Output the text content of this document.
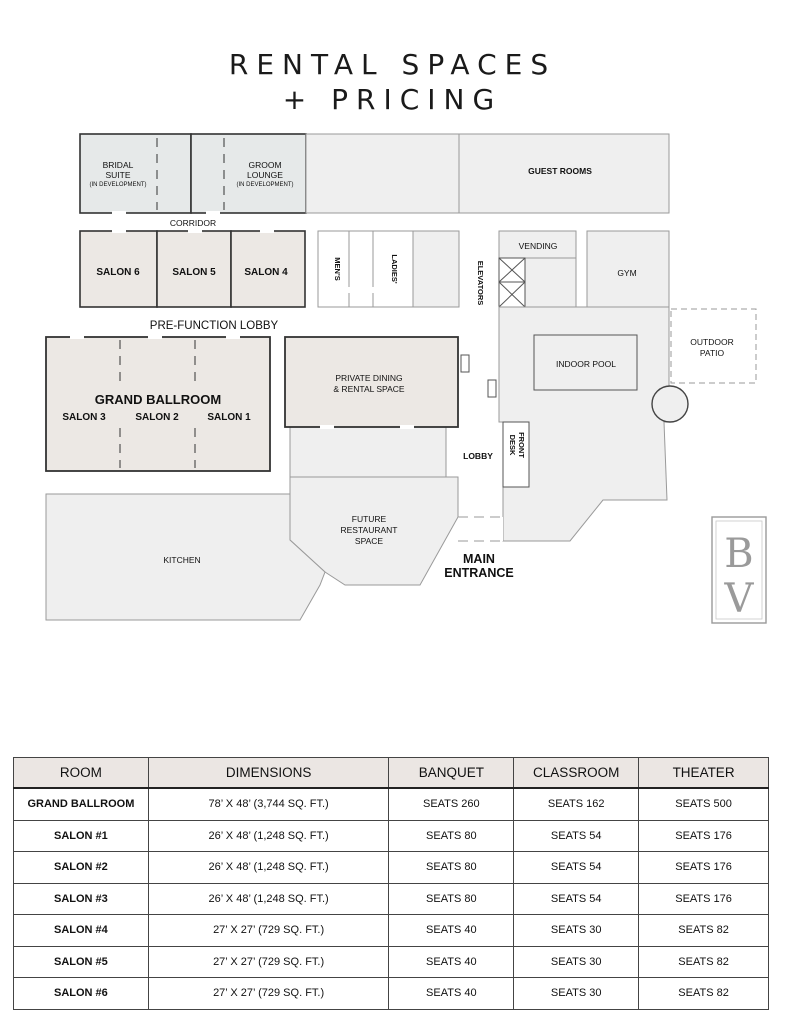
RENTAL SPACES
+ PRICING
BRIDAL
SUITE
(IN DEVELOPMENT)
GROOM
LOUNGE
(IN DEVELOPMENT)
GUEST ROOMS
CORRIDOR
SALON 6	SALON 5	SALON 4	MEN'S	LADIES'	ELEVATORS
VENDING
GYM
PRE-FUNCTION LOBBY
INDOOR POOL
OUTDOOR
PATIO
GRAND BALLROOM
SALON 3	SALON 2	SALON 1
LOBBY	FRONT
DESK
PRIVATE DINING
& RENTAL SPACE
FUTURE
RESTAURANT
SPACE
KITCHEN	MAIN
ENTRANCE	B
V
ROOM	DIMENSIONS	BANQUET	CLASSROOM	THEATER
GRAND BALLROOM	78’ X 48’ (3,744 SQ. FT.)	SEATS 260	SEATS 162	SEATS 500
SALON #1	26’ X 48’ (1,248 SQ. FT.)	SEATS 80	SEATS 54	SEATS 176
SALON #2	26’ X 48’ (1,248 SQ. FT.)	SEATS 80	SEATS 54	SEATS 176
SALON #3	26’ X 48’ (1,248 SQ. FT.)	SEATS 80	SEATS 54	SEATS 176
SALON #4	27’ X 27’ (729 SQ. FT.)	SEATS 40	SEATS 30	SEATS 82
SALON #5	27’ X 27’ (729 SQ. FT.)	SEATS 40	SEATS 30	SEATS 82
SALON #6	27’ X 27’ (729 SQ. FT.)	SEATS 40	SEATS 30	SEATS 82
